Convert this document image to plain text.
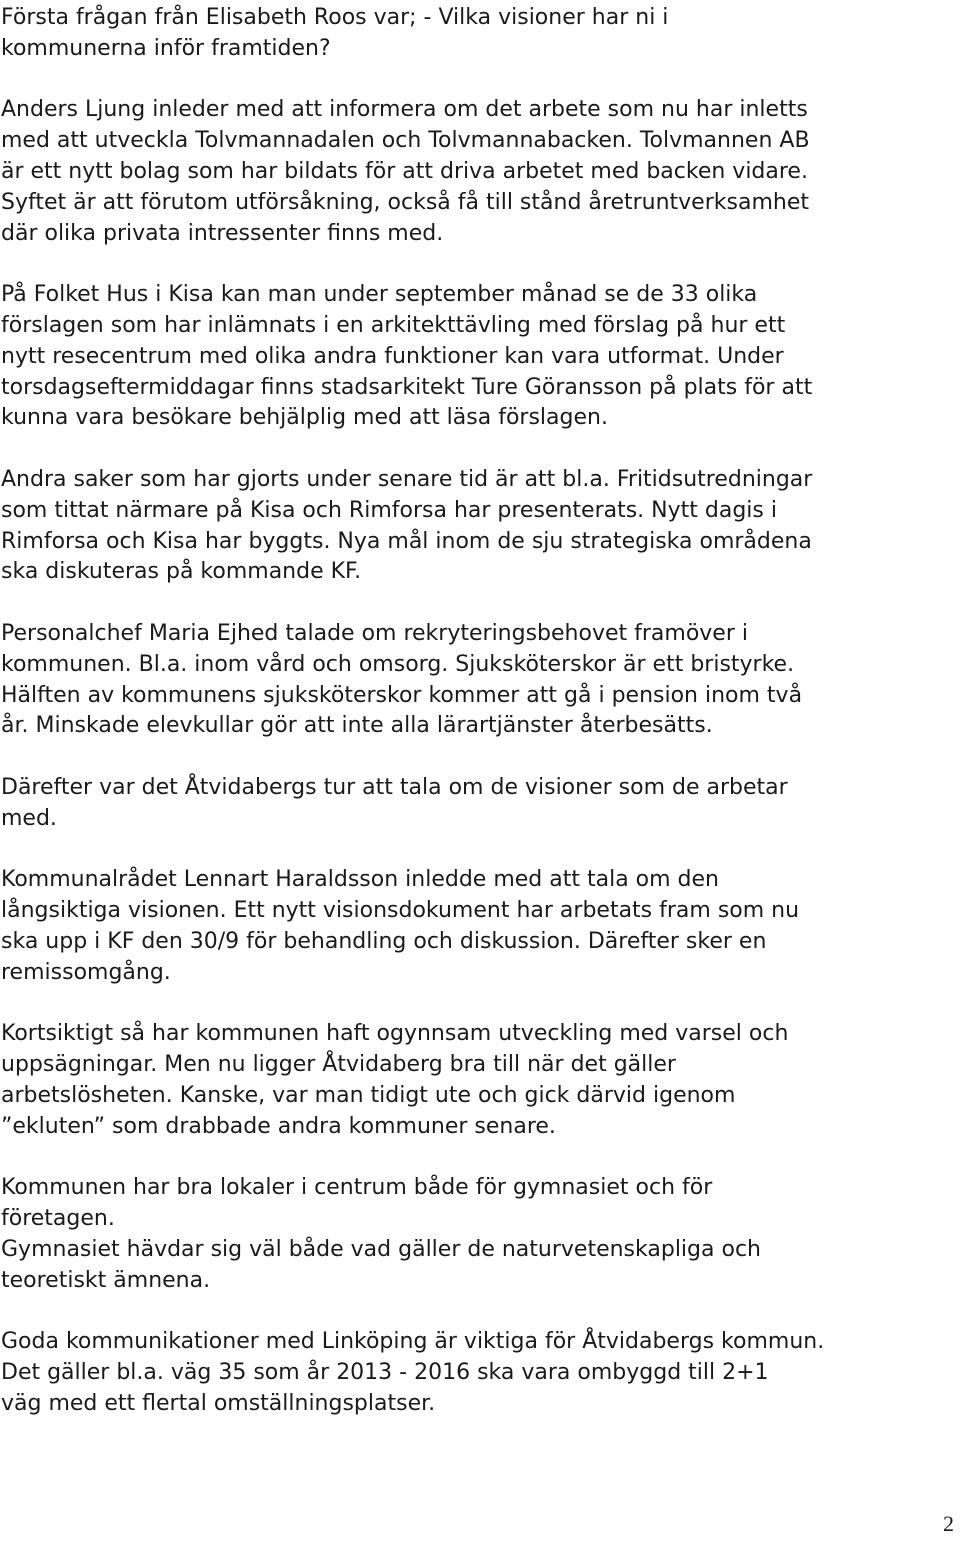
Första frågan från Elisabeth Roos var; - Vilka visioner har ni i
kommunerna inför framtiden?

Anders Ljung inleder med att informera om det arbete som nu har inletts
med att utveckla Tolvmannadalen och Tolvmannabacken. Tolvmannen AB
är ett nytt bolag som har bildats för att driva arbetet med backen vidare.
Syftet är att förutom utförsåkning, också få till stånd åretruntverksamhet
där olika privata intressenter finns med.

På Folket Hus i Kisa kan man under september månad se de 33 olika
förslagen som har inlämnats i en arkitekttävling med förslag på hur ett
nytt resecentrum med olika andra funktioner kan vara utformat. Under
torsdagseftermiddagar finns stadsarkitekt Ture Göransson på plats för att
kunna vara besökare behjälplig med att läsa förslagen.

Andra saker som har gjorts under senare tid är att bl.a. Fritidsutredningar
som tittat närmare på Kisa och Rimforsa har presenterats. Nytt dagis i
Rimforsa och Kisa har byggts. Nya mål inom de sju strategiska områdena
ska diskuteras på kommande KF.

Personalchef Maria Ejhed talade om rekryteringsbehovet framöver i
kommunen. Bl.a. inom vård och omsorg. Sjuksköterskor är ett bristyrke.
Hälften av kommunens sjuksköterskor kommer att gå i pension inom två
år. Minskade elevkullar gör att inte alla lärartjänster återbesätts.

Därefter var det Åtvidabergs tur att tala om de visioner som de arbetar
med.

Kommunalrådet Lennart Haraldsson inledde med att tala om den
långsiktiga visionen. Ett nytt visionsdokument har arbetats fram som nu
ska upp i KF den 30/9 för behandling och diskussion. Därefter sker en
remissomgång.

Kortsiktigt så har kommunen haft ogynnsam utveckling med varsel och
uppsägningar. Men nu ligger Åtvidaberg bra till när det gäller
arbetslösheten. Kanske, var man tidigt ute och gick därvid igenom
”ekluten” som drabbade andra kommuner senare.

Kommunen har bra lokaler i centrum både för gymnasiet och för
företagen.

Gymnasiet hävdar sig väl både vad gäller de naturvetenskapliga och
teoretiskt ämnena.

Goda kommunikationer med Linköping är viktiga för Åtvidabergs kommun.
Det gäller bl.a. väg 35 som år 2013 - 2016 ska vara ombyggd till 2+1
väg med ett flertal omställningsplatser.

2
